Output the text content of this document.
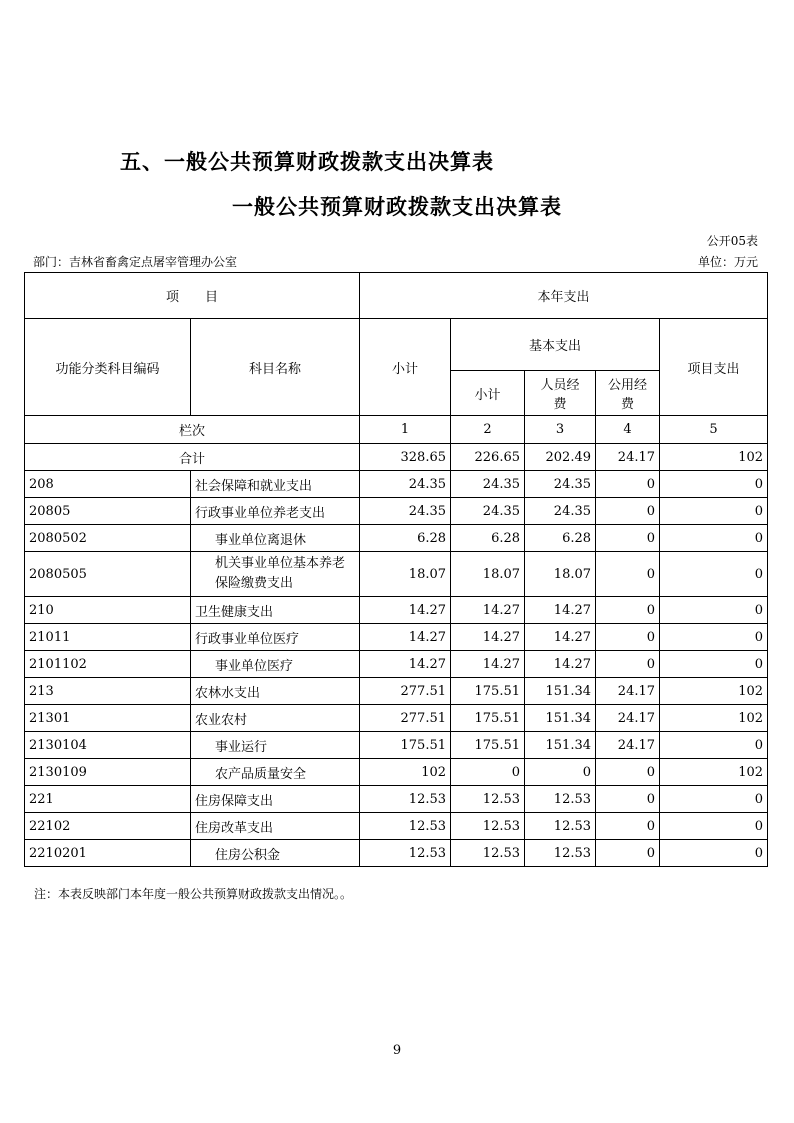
五、一般公共预算财政拨款支出决算表
一般公共预算财政拨款支出决算表
公开05表
部门：吉林省畜禽定点屠宰管理办公室	单位：万元
项　　目		本年支出				
功能分类科目编码	科目名称	小计	基本支出			项目支出
			小计	人员经费	公用经费	
栏次		1	2	3	4	5
合计		328.65	226.65	202.49	24.17	102
208	社会保障和就业支出	24.35	24.35	24.35	0	0
20805	行政事业单位养老支出	24.35	24.35	24.35	0	0
2080502	事业单位离退休	6.28	6.28	6.28	0	0
2080505	机关事业单位基本养老保险缴费支出	18.07	18.07	18.07	0	0
210	卫生健康支出	14.27	14.27	14.27	0	0
21011	行政事业单位医疗	14.27	14.27	14.27	0	0
2101102	事业单位医疗	14.27	14.27	14.27	0	0
213	农林水支出	277.51	175.51	151.34	24.17	102
21301	农业农村	277.51	175.51	151.34	24.17	102
2130104	事业运行	175.51	175.51	151.34	24.17	0
2130109	农产品质量安全	102	0	0	0	102
221	住房保障支出	12.53	12.53	12.53	0	0
22102	住房改革支出	12.53	12.53	12.53	0	0
2210201	住房公积金	12.53	12.53	12.53	0	0
注：本表反映部门本年度一般公共预算财政拨款支出情况。。
9
